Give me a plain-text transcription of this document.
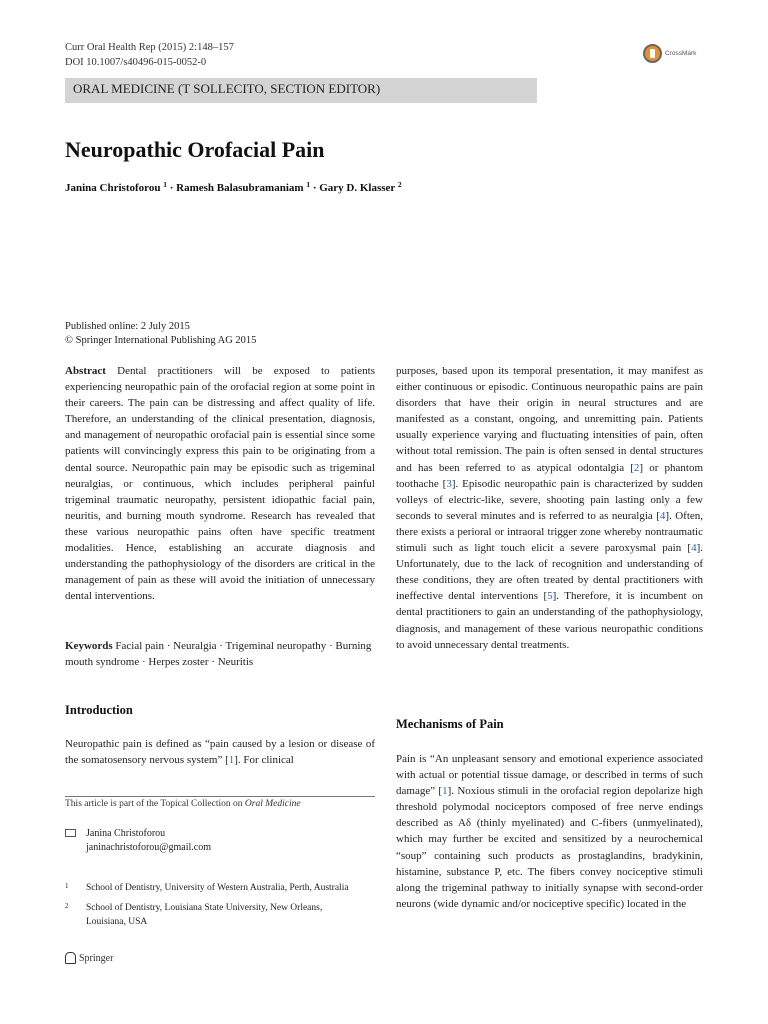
Curr Oral Health Rep (2015) 2:148–157
DOI 10.1007/s40496-015-0052-0
CrossMark
ORAL MEDICINE (T SOLLECITO, SECTION EDITOR)
Neuropathic Orofacial Pain
Janina Christoforou $^1$ · Ramesh Balasubramaniam $^1$ · Gary D. Klasser $^2$
Published online: 2 July 2015
© Springer International Publishing AG 2015

Abstract Dental practitioners will be exposed to patients experiencing neuropathic pain of the orofacial region at some point in their careers. The pain can be distressing and affect quality of life. Therefore, an understanding of the clinical presentation, diagnosis, and management of neuropathic orofacial pain is essential since some patients will convincingly express this pain to be originating from a dental source. Neuropathic pain may be episodic such as trigeminal neuralgias, or continuous, which includes peripheral painful trigeminal traumatic neuropathy, persistent idiopathic facial pain, neuritis, and burning mouth syndrome. Research has revealed that these various neuropathic pains often have specific treatment modalities. Hence, establishing an accurate diagnosis and understanding the pathophysiology of the disorders are critical in the management of pain as these will avoid the initiation of unnecessary dental interventions.

Keywords Facial pain · Neuralgia · Trigeminal neuropathy · Burning mouth syndrome · Herpes zoster · Neuritis

Introduction

Neuropathic pain is defined as “pain caused by a lesion or disease of the somatosensory nervous system” [1]. For clinical

This article is part of the Topical Collection on Oral Medicine
Janina Christoforou
janinachristoforou@gmail.com
1 School of Dentistry, University of Western Australia, Perth, Australia
2 School of Dentistry, Louisiana State University, New Orleans, Louisiana, USA
Springer

purposes, based upon its temporal presentation, it may manifest as either continuous or episodic. Continuous neuropathic pains are pain disorders that have their origin in neural structures and are manifested as a constant, ongoing, and unremitting pain. Patients usually experience varying and fluctuating intensities of pain, often without total remission. The pain is often sensed in dental structures and has been referred to as atypical odontalgia [2] or phantom toothache [3]. Episodic neuropathic pain is characterized by sudden volleys of electric-like, severe, shooting pain lasting only a few seconds to several minutes and is referred to as neuralgia [4]. Often, there exists a perioral or intraoral trigger zone whereby nontraumatic stimuli such as light touch elicit a severe paroxysmal pain [4]. Unfortunately, due to the lack of recognition and understanding of these conditions, they are often treated by dental practitioners with ineffective dental interventions [5]. Therefore, it is incumbent on dental practitioners to gain an understanding of the pathophysiology, diagnosis, and management of these various neuropathic conditions to avoid unnecessary dental treatments.

Mechanisms of Pain

Pain is “An unpleasant sensory and emotional experience associated with actual or potential tissue damage, or described in terms of such damage” [1]. Noxious stimuli in the orofacial region depolarize high threshold polymodal nociceptors composed of free nerve endings described as Aδ (thinly myelinated) and C-fibers (unmyelinated), which may further be excited and sensitized by a neurochemical “soup” containing such products as prostaglandins, bradykinin, histamine, substance P, etc. The fibers convey nociceptive stimuli along the trigeminal pathway to initially synapse with second-order neurons (wide dynamic and/or nociceptive specific) located in the
